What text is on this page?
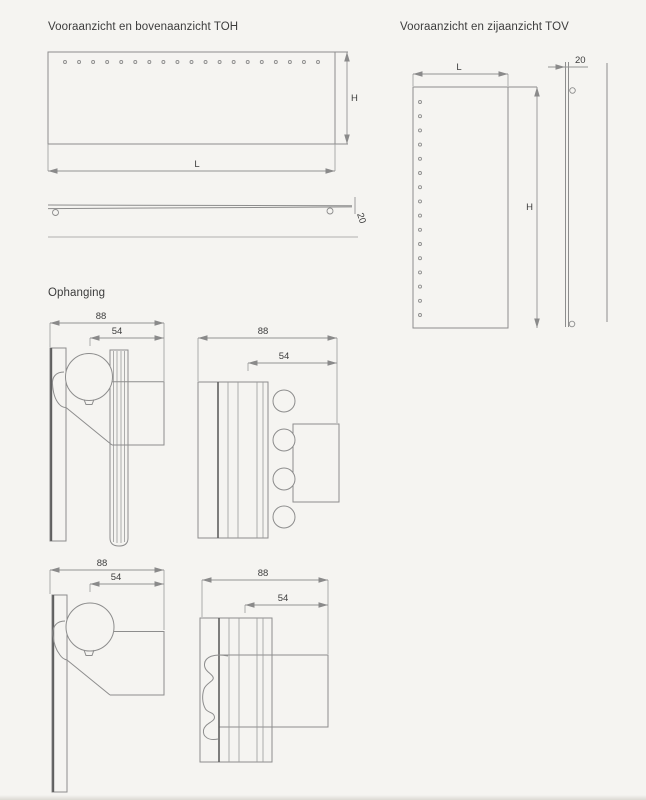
Vooraanzicht en bovenaanzicht TOH	Vooraanzicht en zijaanzicht TOV
Ophanging
L
H
20
L
H
20
88
54	88
54
88
54	88
54
